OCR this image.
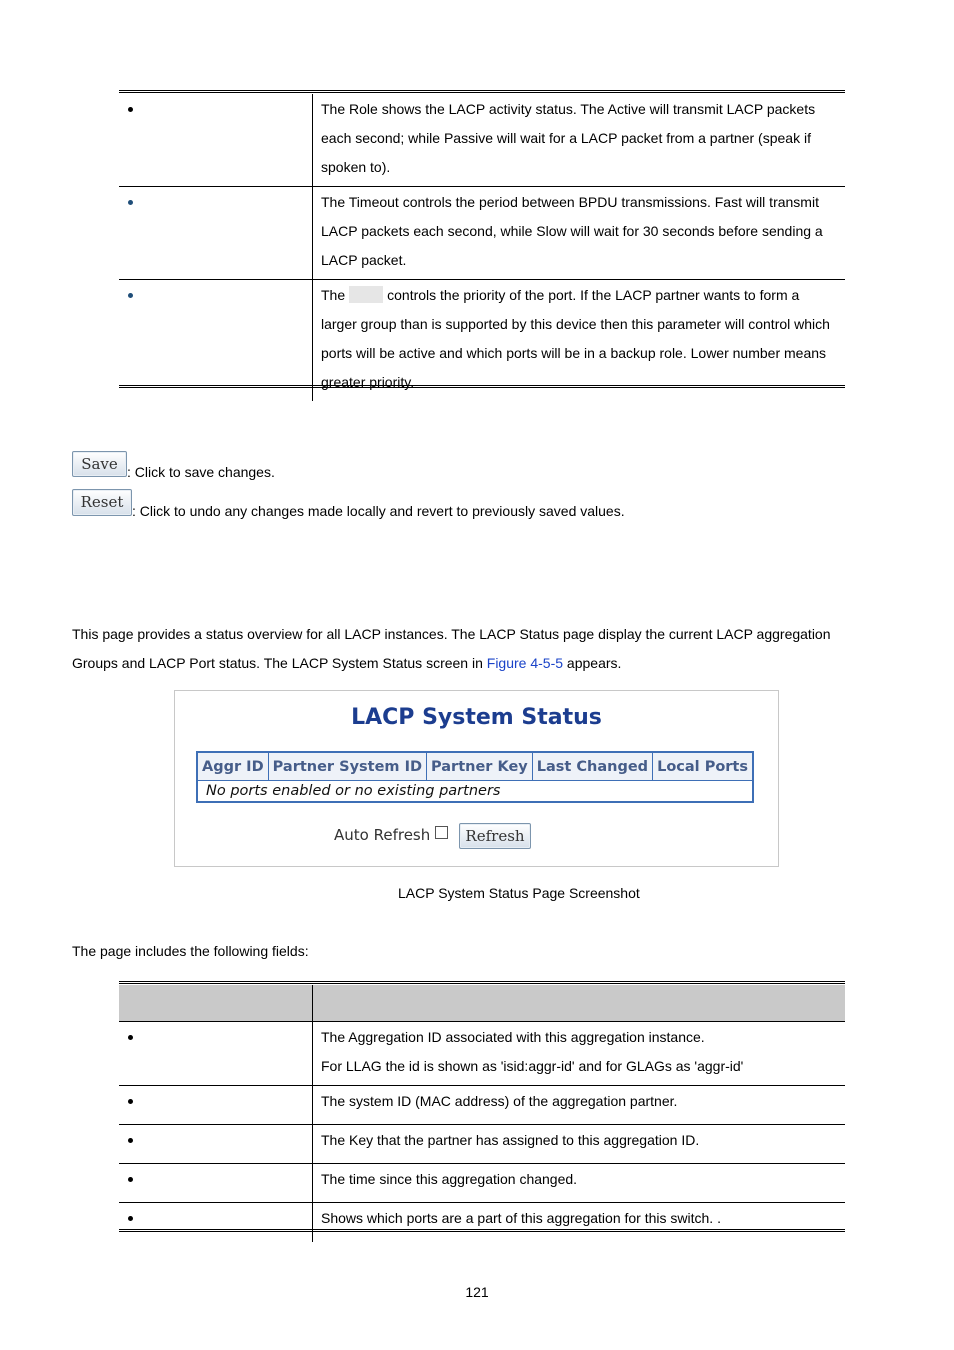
	The Role shows the LACP activity status. The Active will transmit LACP packets each second; while Passive will wait for a LACP packet from a partner (speak if spoken to).

	The Timeout controls the period between BPDU transmissions. Fast will transmit LACP packets each second, while Slow will wait for 30 seconds before sending a LACP packet.

	The controls the priority of the port. If the LACP partner wants to form a larger group than is supported by this device then this parameter will control which ports will be active and which ports will be in a backup role. Lower number means greater priority.
Save : Click to save changes.
Reset : Click to undo any changes made locally and revert to previously saved values.
This page provides a status overview for all LACP instances. The LACP Status page display the current LACP aggregation Groups and LACP Port status. The LACP System Status screen in Figure 4-5-5 appears.
LACP System Status
Aggr ID	Partner System ID	Partner Key	Last Changed	Local Ports
No ports enabled or no existing partners
Auto Refresh	Refresh
LACP System Status Page Screenshot
The page includes the following fields:

	The Aggregation ID associated with this aggregation instance.
For LLAG the id is shown as 'isid:aggr-id' and for GLAGs as 'aggr-id'

	The system ID (MAC address) of the aggregation partner.

	The Key that the partner has assigned to this aggregation ID.

	The time since this aggregation changed.

	Shows which ports are a part of this aggregation for this switch. .
121
